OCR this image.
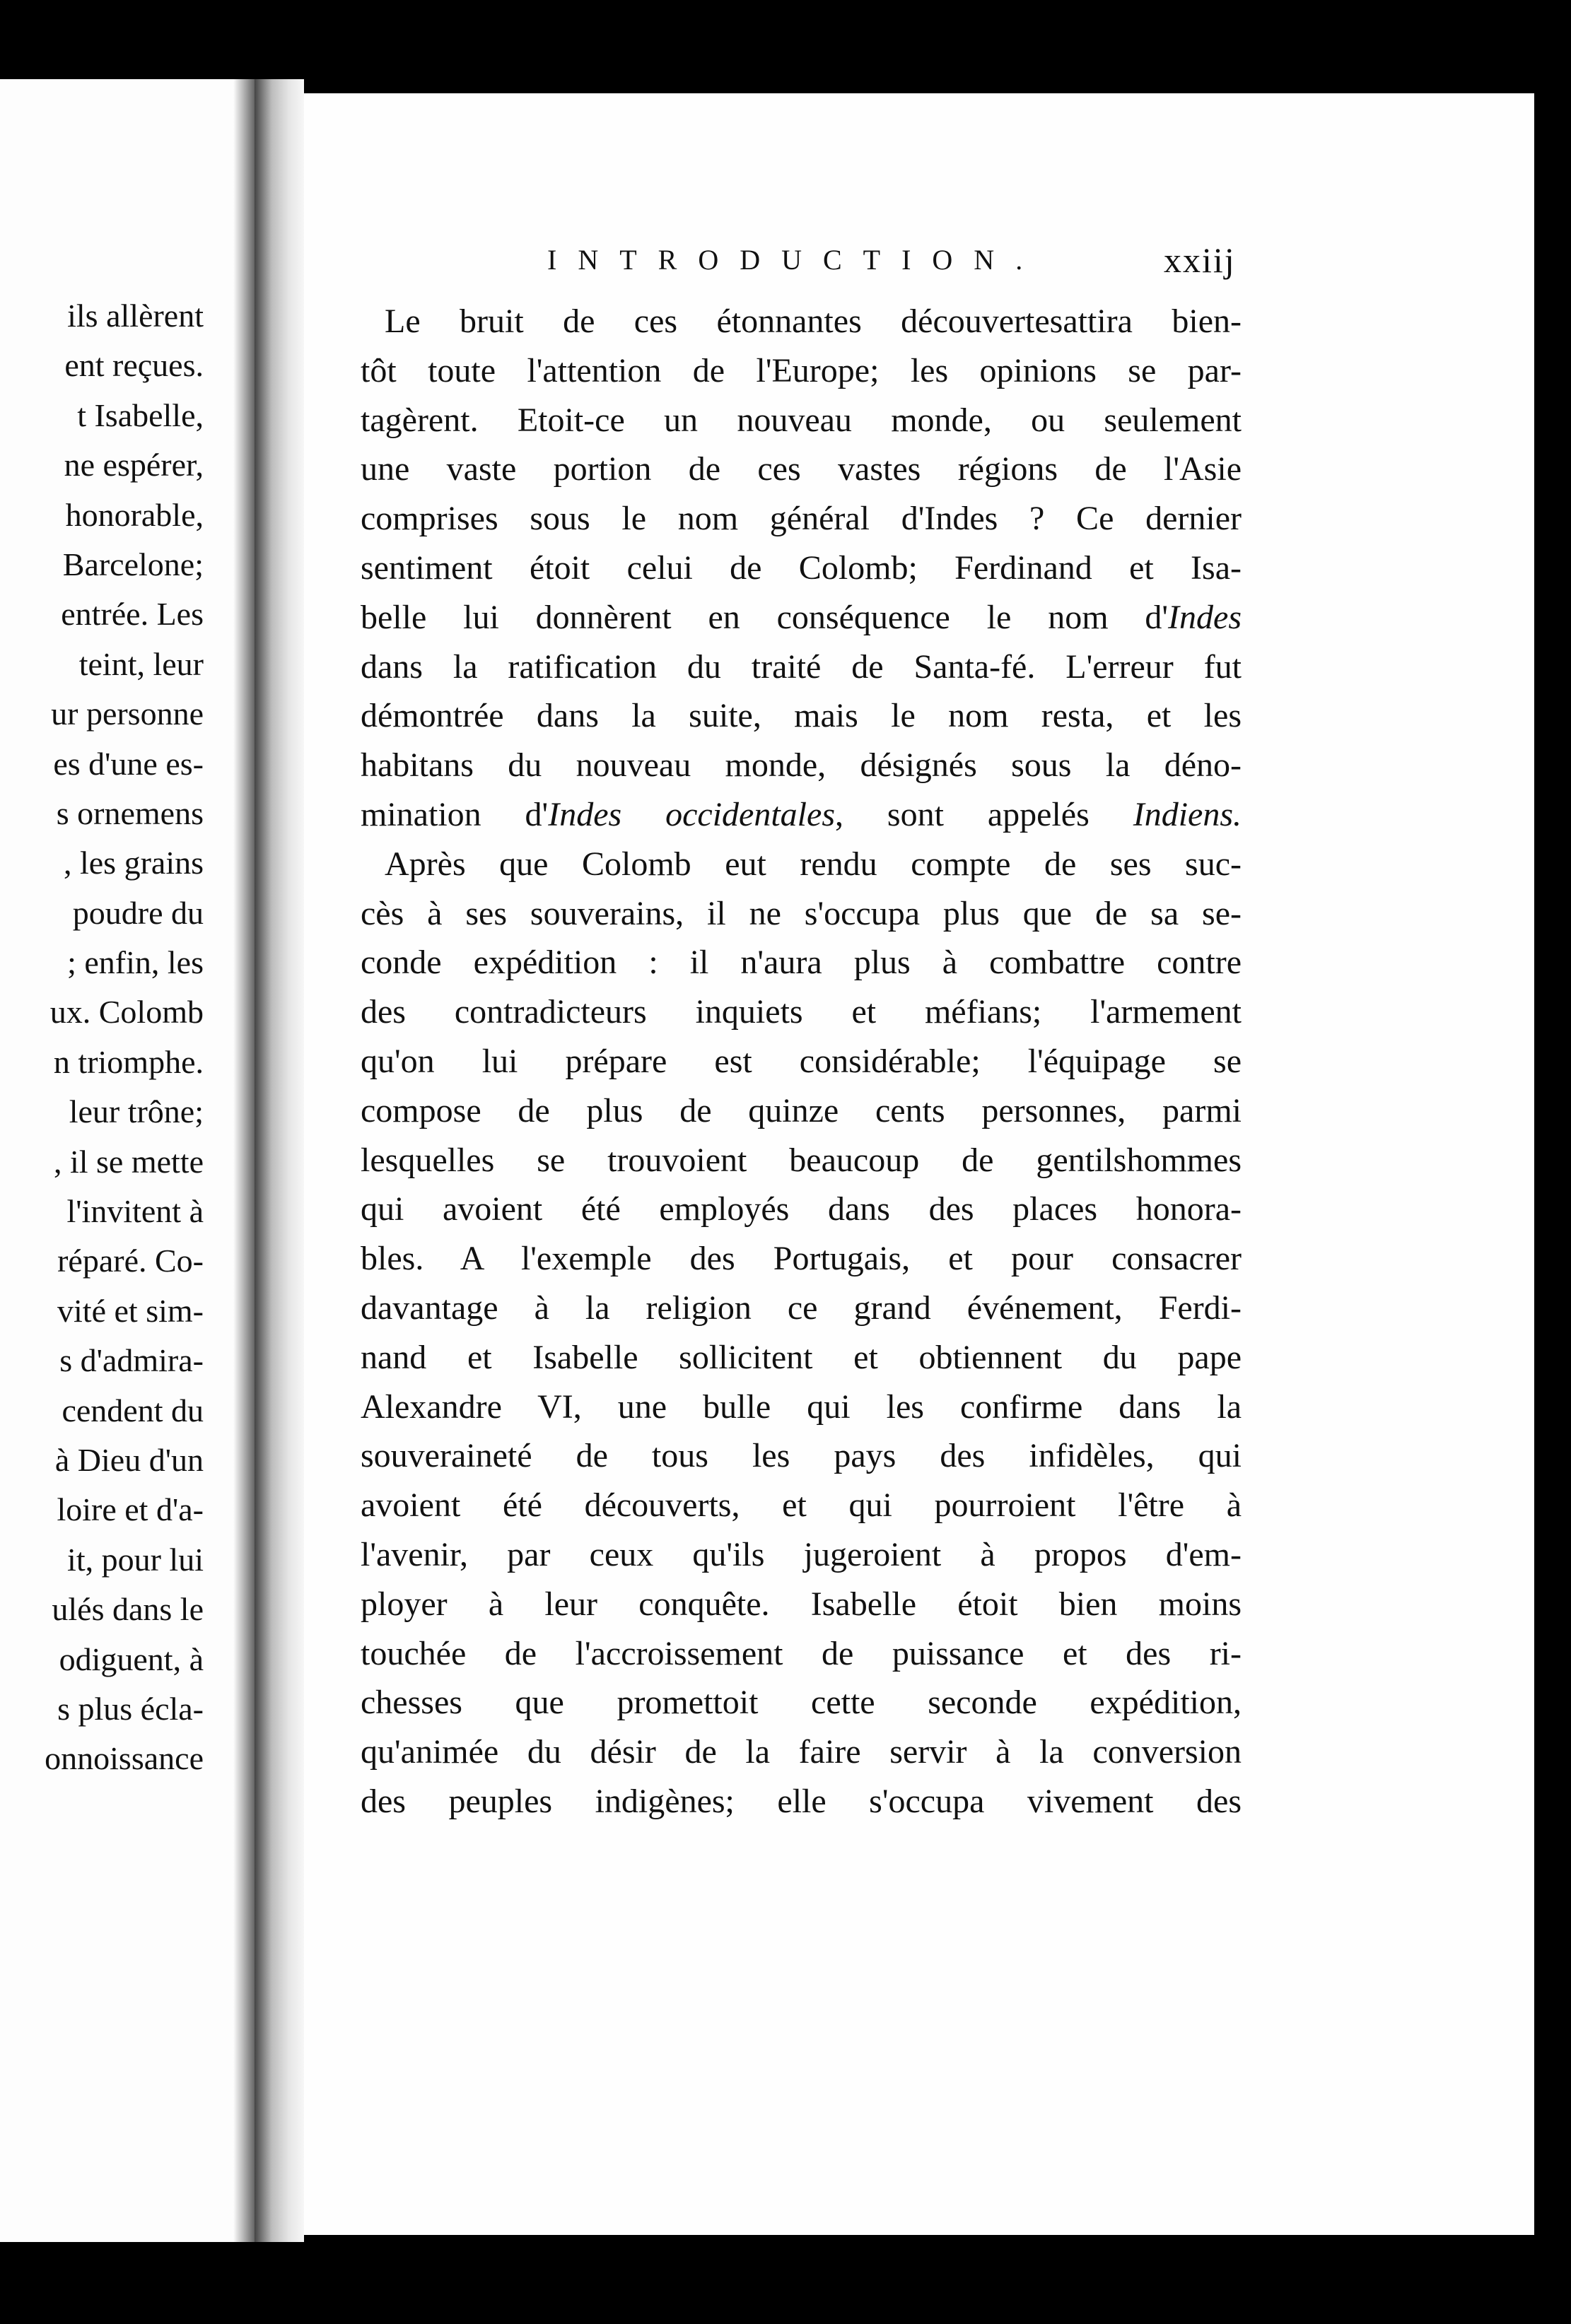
ils allèrent
ent reçues.
t Isabelle,
ne espérer,
honorable,
Barcelone;
entrée. Les
teint, leur
ur personne
es d'une es-
s ornemens
, les grains
poudre du
; enfin, les
ux. Colomb
n triomphe.
leur trône;
, il se mette
l'invitent à
réparé. Co-
vité et sim-
s d'admira-
cendent du
à Dieu d'un
loire et d'a-
it, pour lui
ulés dans le
odiguent, à
s plus écla-
onnoissance
INTRODUCTION.	xxiij
Le bruit de ces étonnantes découvertesattira bien-
tôt toute l'attention de l'Europe; les opinions se par-
tagèrent. Etoit-ce un nouveau monde, ou seulement
une vaste portion de ces vastes régions de l'Asie
comprises sous le nom général d'Indes ? Ce dernier
sentiment étoit celui de Colomb; Ferdinand et Isa-
belle lui donnèrent en conséquence le nom d'Indes
dans la ratification du traité de Santa-fé. L'erreur fut
démontrée dans la suite, mais le nom resta, et les
habitans du nouveau monde, désignés sous la déno-
mination d'Indes occidentales, sont appelés Indiens.
Après que Colomb eut rendu compte de ses suc-
cès à ses souverains, il ne s'occupa plus que de sa se-
conde expédition : il n'aura plus à combattre contre
des contradicteurs inquiets et méfians; l'armement
qu'on lui prépare est considérable; l'équipage se
compose de plus de quinze cents personnes, parmi
lesquelles se trouvoient beaucoup de gentilshommes
qui avoient été employés dans des places honora-
bles. A l'exemple des Portugais, et pour consacrer
davantage à la religion ce grand événement, Ferdi-
nand et Isabelle sollicitent et obtiennent du pape
Alexandre VI, une bulle qui les confirme dans la
souveraineté de tous les pays des infidèles, qui
avoient été découverts, et qui pourroient l'être à
l'avenir, par ceux qu'ils jugeroient à propos d'em-
ployer à leur conquête. Isabelle étoit bien moins
touchée de l'accroissement de puissance et des ri-
chesses que promettoit cette seconde expédition,
qu'animée du désir de la faire servir à la conversion
des peuples indigènes; elle s'occupa vivement des
